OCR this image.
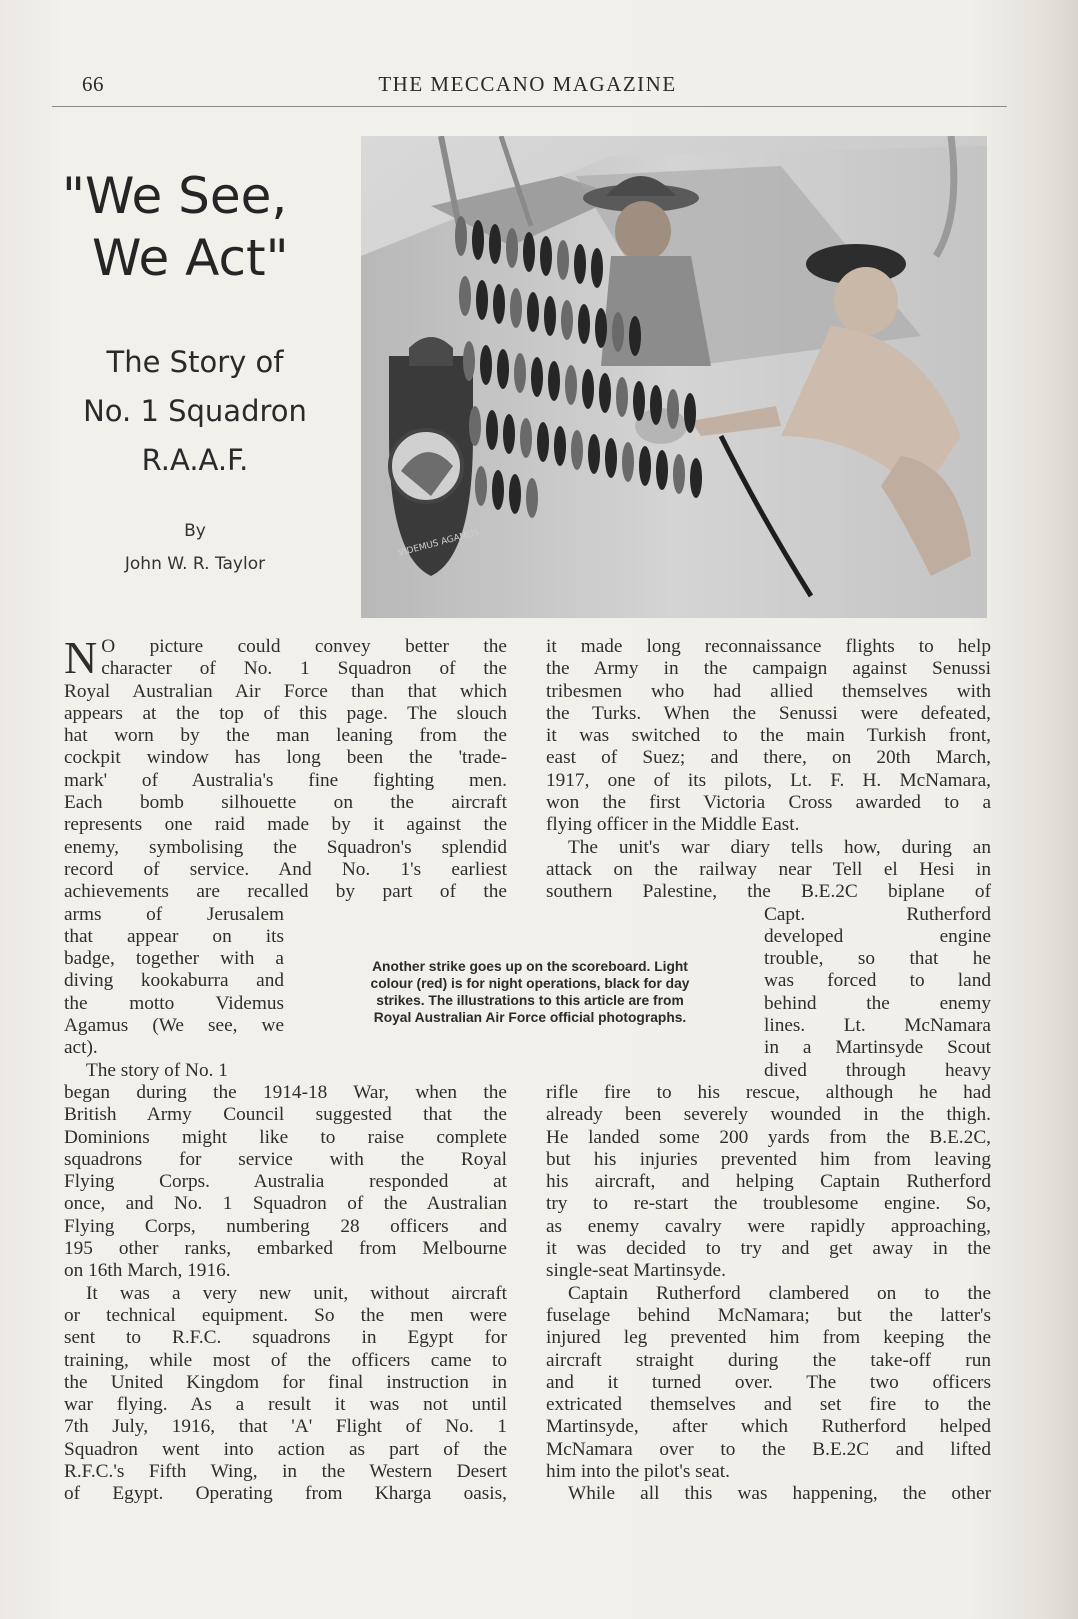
66	THE MECCANO MAGAZINE
"We See,
We Act"
The Story of
No. 1 Squadron
R.A.A.F.
By
John W. R. Taylor
VIDEMUS AGAMUS

N O picture could convey better the
character of No. 1 Squadron of the
Royal Australian Air Force than that which
appears at the top of this page. The slouch
hat worn by the man leaning from the
cockpit window has long been the 'trade-
mark' of Australia's fine fighting men.
Each bomb silhouette on the aircraft
represents one raid made by it against the
enemy, symbolising the Squadron's splendid
record of service. And No. 1's earliest
achievements are recalled by part of the
arms of Jerusalem
that appear on its
badge, together with a
diving kookaburra and
the motto Videmus
Agamus (We see, we
act).

The story of No. 1

began during the 1914-18 War, when the
British Army Council suggested that the
Dominions might like to raise complete
squadrons for service with the Royal
Flying Corps. Australia responded at
once, and No. 1 Squadron of the Australian
Flying Corps, numbering 28 officers and
195 other ranks, embarked from Melbourne
on 16th March, 1916.

It was a very new unit, without aircraft
or technical equipment. So the men were
sent to R.F.C. squadrons in Egypt for
training, while most of the officers came to
the United Kingdom for final instruction in
war flying. As a result it was not until
7th July, 1916, that 'A' Flight of No. 1
Squadron went into action as part of the
R.F.C.'s Fifth Wing, in the Western Desert
of Egypt. Operating from Kharga oasis,

Another strike goes up on the scoreboard. Light
colour (red) is for night operations, black for day
strikes. The illustrations to this article are from
Royal Australian Air Force official photographs.

it made long reconnaissance flights to help
the Army in the campaign against Senussi
tribesmen who had allied themselves with
the Turks. When the Senussi were defeated,
it was switched to the main Turkish front,
east of Suez; and there, on 20th March,
1917, one of its pilots, Lt. F. H. McNamara,
won the first Victoria Cross awarded to a
flying officer in the Middle East.

The unit's war diary tells how, during an
attack on the railway near Tell el Hesi in
southern Palestine, the B.E.2C biplane of
Capt. Rutherford
developed engine
trouble, so that he
was forced to land
behind the enemy
lines. Lt. McNamara
in a Martinsyde Scout
dived through heavy
rifle fire to his rescue, although he had
already been severely wounded in the thigh.
He landed some 200 yards from the B.E.2C,
but his injuries prevented him from leaving
his aircraft, and helping Captain Rutherford
try to re-start the troublesome engine. So,
as enemy cavalry were rapidly approaching,
it was decided to try and get away in the
single-seat Martinsyde.

Captain Rutherford clambered on to the
fuselage behind McNamara; but the latter's
injured leg prevented him from keeping the
aircraft straight during the take-off run
and it turned over. The two officers
extricated themselves and set fire to the
Martinsyde, after which Rutherford helped
McNamara over to the B.E.2C and lifted
him into the pilot's seat.

While all this was happening, the other
